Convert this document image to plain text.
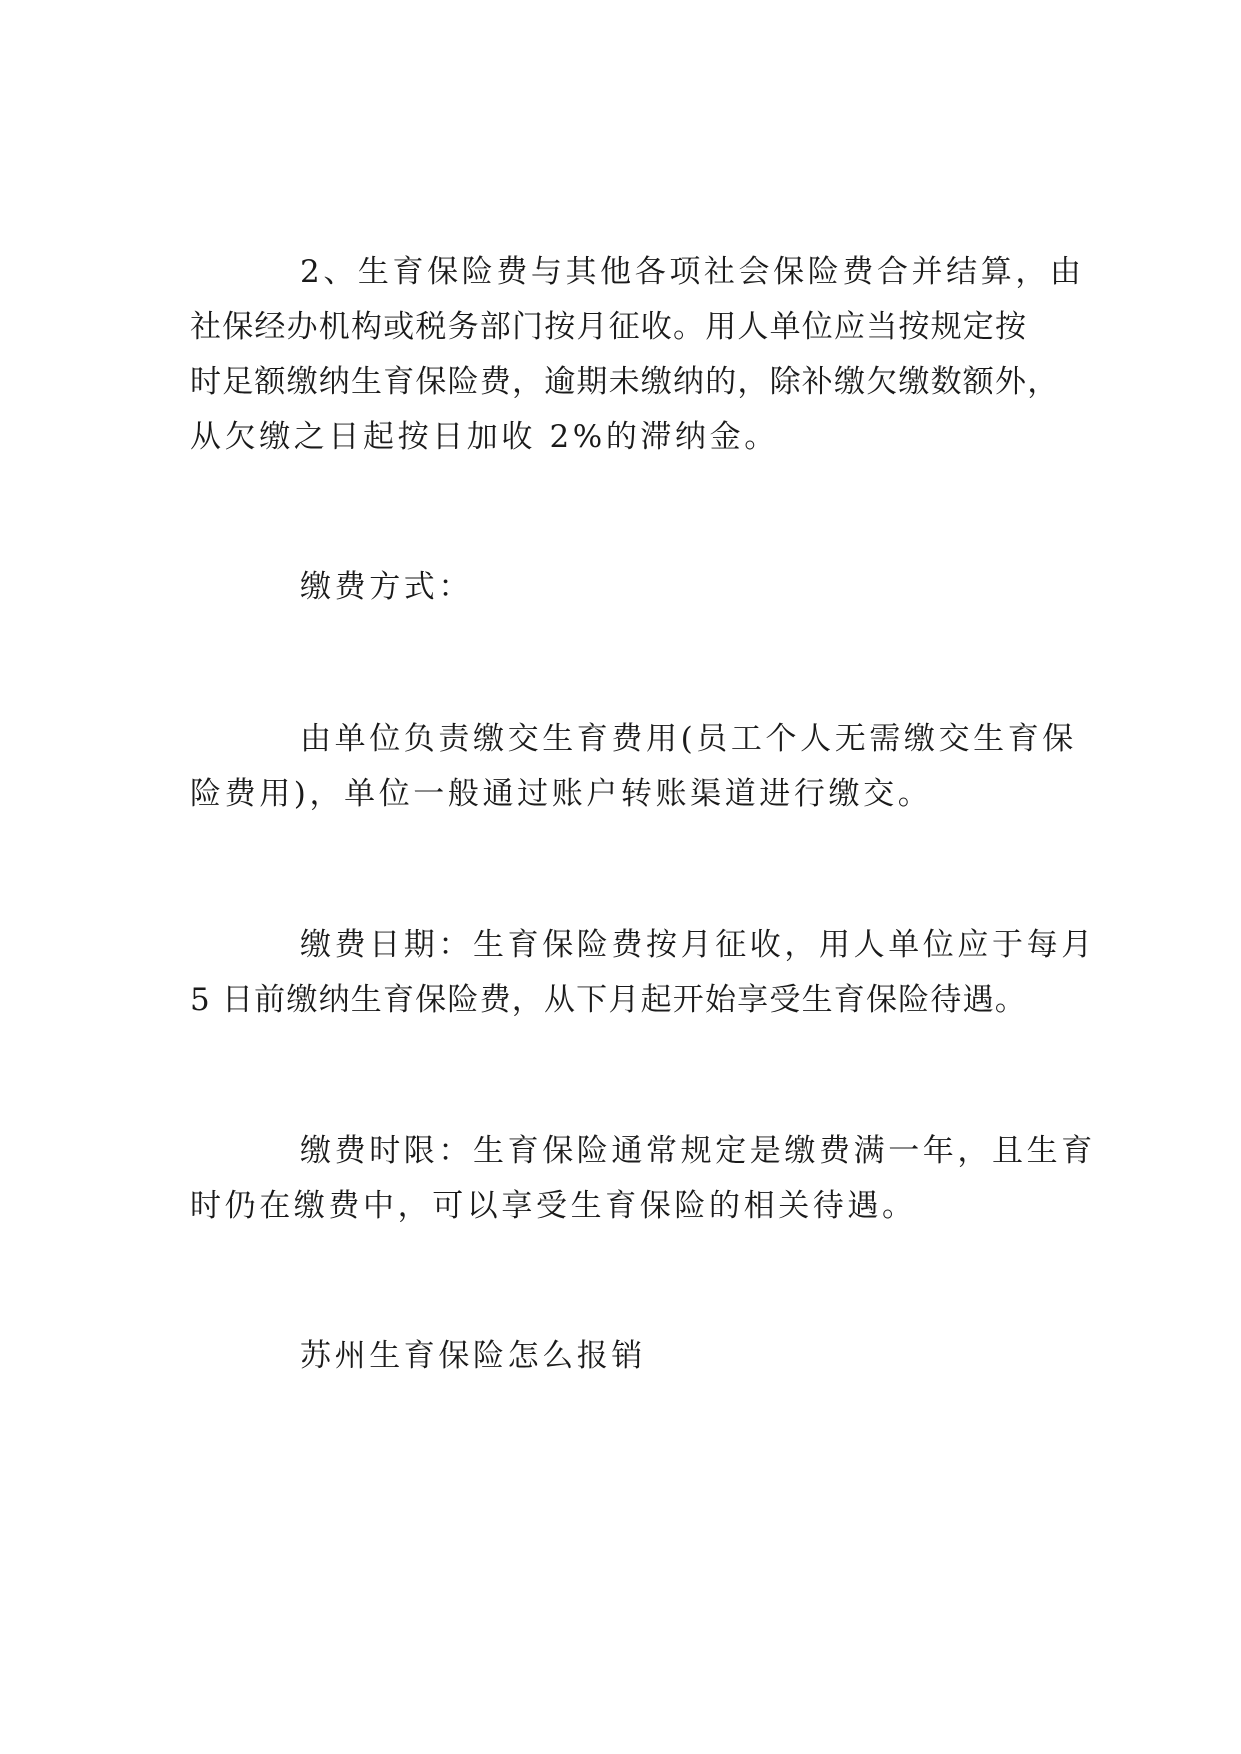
2、生育保险费与其他各项社会保险费合并结算，由
社保经办机构或税务部门按月征收。用人单位应当按规定按
时足额缴纳生育保险费，逾期未缴纳的，除补缴欠缴数额外，
从欠缴之日起按日加收 2%的滞纳金。
缴费方式：
由单位负责缴交生育费用(员工个人无需缴交生育保
险费用)，单位一般通过账户转账渠道进行缴交。
缴费日期：生育保险费按月征收，用人单位应于每月
5 日前缴纳生育保险费，从下月起开始享受生育保险待遇。
缴费时限：生育保险通常规定是缴费满一年，且生育
时仍在缴费中，可以享受生育保险的相关待遇。
苏州生育保险怎么报销
